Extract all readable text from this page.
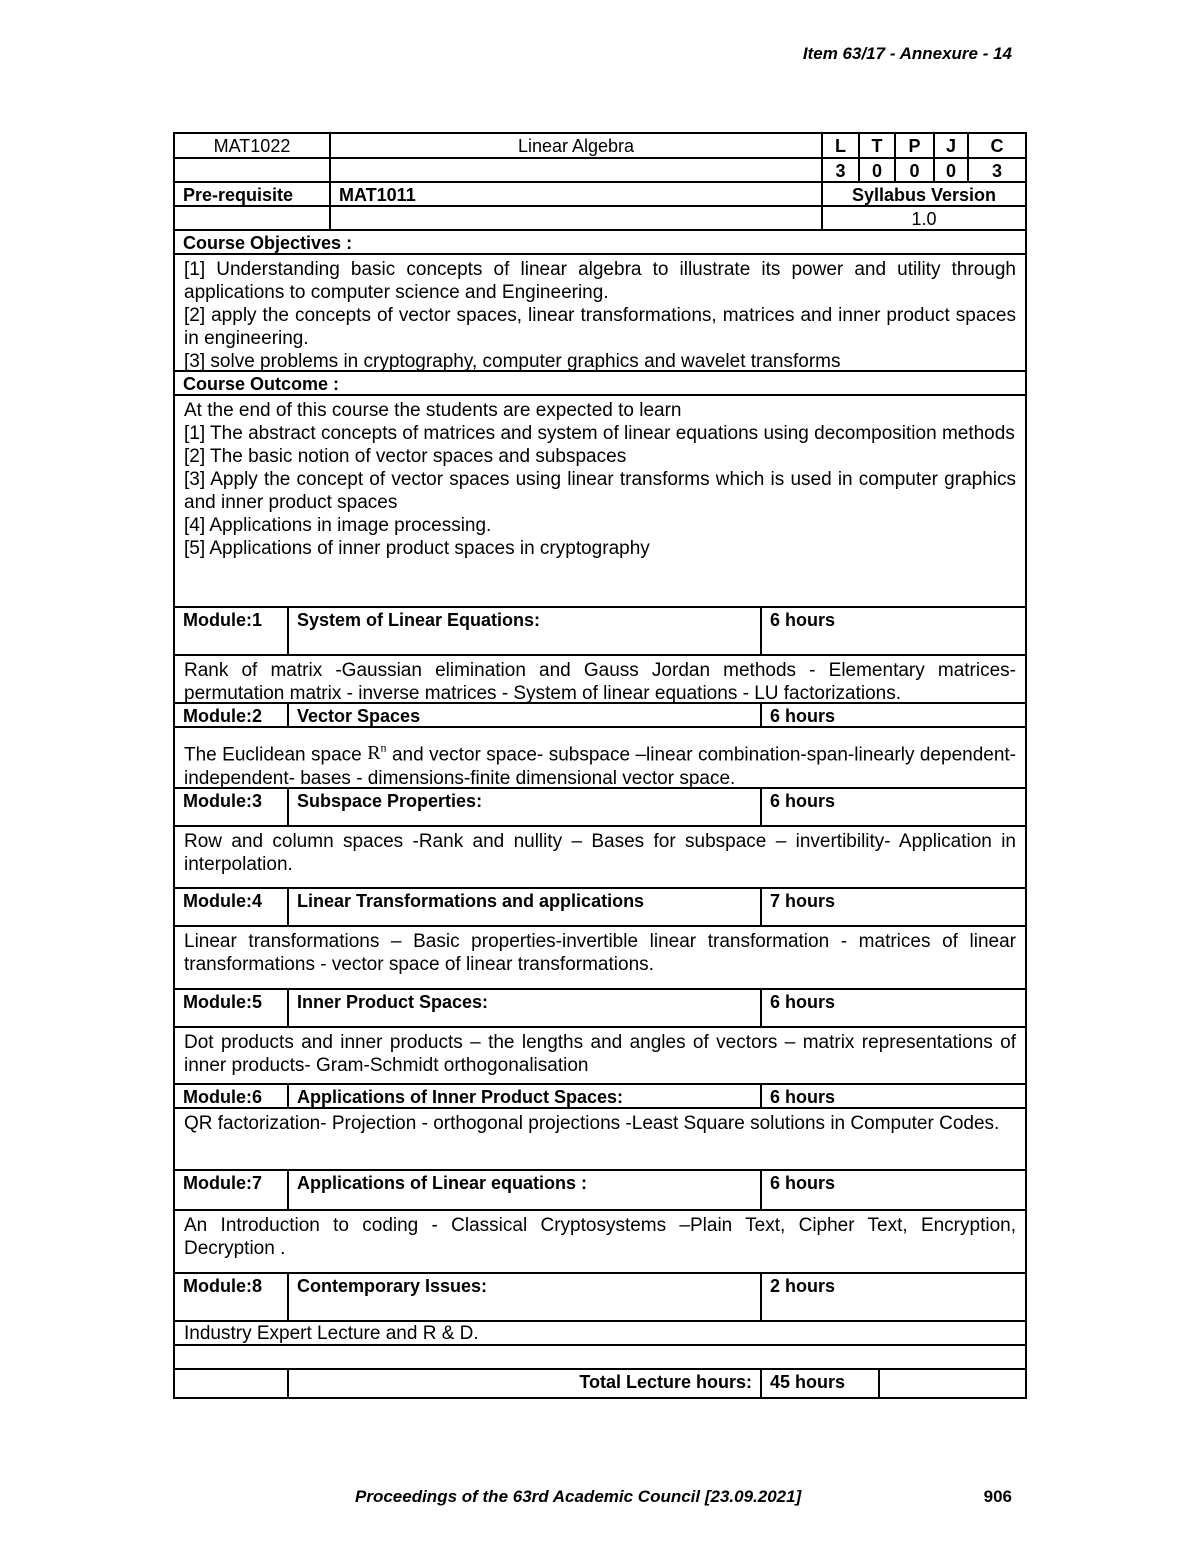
Item 63/17 - Annexure - 14
MAT1022	Linear Algebra	L	T	P	J	C
3	0	0	0	3
Pre-requisite	MAT1011	Syllabus Version
1.0
Course Objectives :
[1] Understanding basic concepts of linear algebra to illustrate its power and utility through applications to computer science and Engineering.
[2] apply the concepts of vector spaces, linear transformations, matrices and inner product spaces in engineering.
[3] solve problems in cryptography, computer graphics and wavelet transforms
Course Outcome :
At the end of this course the students are expected to learn
[1] The abstract concepts of matrices and system of linear equations using decomposition methods
[2] The basic notion of vector spaces and subspaces
[3] Apply the concept of vector spaces using linear transforms which is used in computer graphics and inner product spaces
[4] Applications in image processing.
[5] Applications of inner product spaces in cryptography
Module:1	System of Linear Equations:	6 hours
Rank of matrix -Gaussian elimination and Gauss Jordan methods - Elementary matrices- permutation matrix - inverse matrices - System of linear equations - LU factorizations.
Module:2	Vector Spaces	6 hours
The Euclidean space $R^n$ and vector space- subspace –linear combination-span-linearly dependent-independent- bases - dimensions-finite dimensional vector space.
Module:3	Subspace Properties:	6 hours
Row and column spaces -Rank and nullity – Bases for subspace – invertibility- Application in interpolation.
Module:4	Linear Transformations and applications	7 hours
Linear transformations – Basic properties-invertible linear transformation - matrices of linear transformations - vector space of linear transformations.
Module:5	Inner Product Spaces:	6 hours
Dot products and inner products – the lengths and angles of vectors – matrix representations of inner products- Gram-Schmidt orthogonalisation
Module:6	Applications of Inner Product Spaces:	6 hours
QR factorization- Projection - orthogonal projections -Least Square solutions in Computer Codes.
Module:7	Applications of Linear equations :	6 hours
An Introduction to coding - Classical Cryptosystems –Plain Text, Cipher Text, Encryption, Decryption .
Module:8	Contemporary Issues:	2 hours
Industry Expert Lecture and R & D.
Total Lecture hours:	45 hours
Proceedings of the 63rd Academic Council [23.09.2021]	906
